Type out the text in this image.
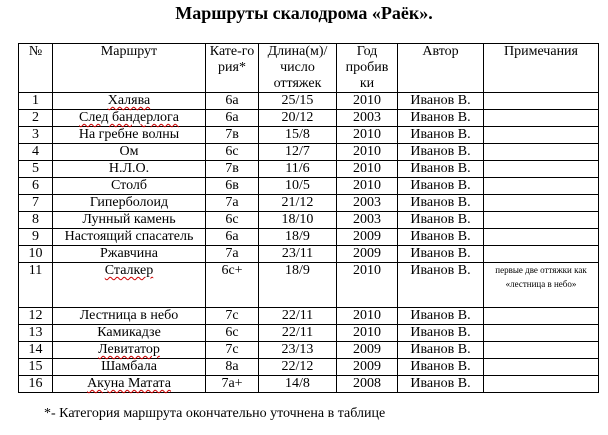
Маршруты скалодрома «Раёк».
№	Маршрут	Кате-го рия*	Длина(м)/ число оттяжек	Год пробив ки	Автор	Примечания
1	Халява	6а	25/15	2010	Иванов В.	
2	След бандерлога	6а	20/12	2003	Иванов В.	
3	На гребне волны	7в	15/8	2010	Иванов В.	
4	Ом	6с	12/7	2010	Иванов В.	
5	Н.Л.О.	7в	11/6	2010	Иванов В.	
6	Столб	6в	10/5	2010	Иванов В.	
7	Гиперболоид	7а	21/12	2003	Иванов В.	
8	Лунный камень	6с	18/10	2003	Иванов В.	
9	Настоящий спасатель	6а	18/9	2009	Иванов В.	
10	Ржавчина	7а	23/11	2009	Иванов В.	
11	Сталкер	6с+	18/9	2010	Иванов В.	первые две оттяжки как «лестница в небо»
12	Лестница в небо	7с	22/11	2010	Иванов В.	
13	Камикадзе	6с	22/11	2010	Иванов В.	
14	Левитатор	7с	23/13	2009	Иванов В.	
15	Шамбала	8а	22/12	2009	Иванов В.	
16	Акуна Матата	7а+	14/8	2008	Иванов В.	
*- Категория маршрута окончательно уточнена в таблице
